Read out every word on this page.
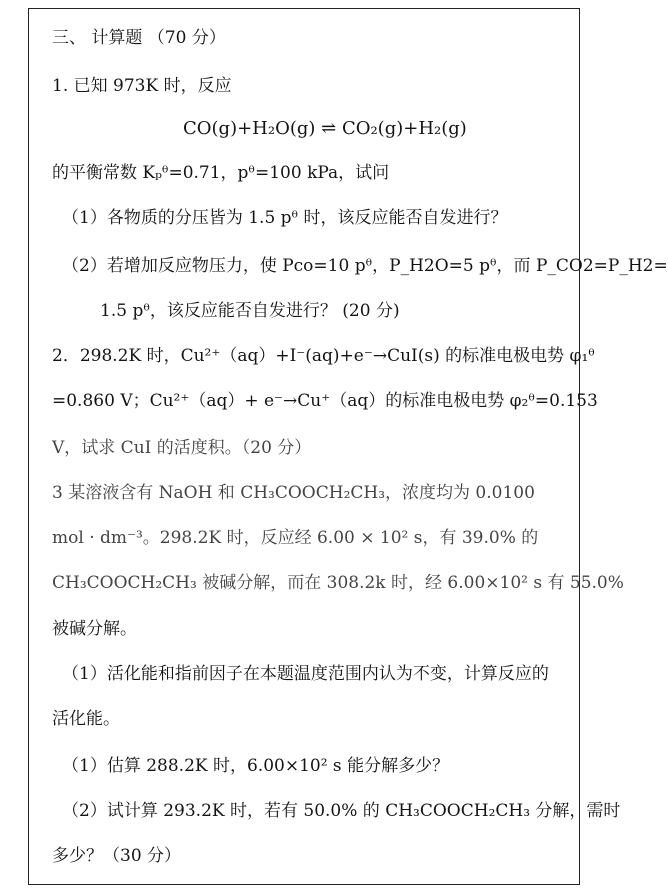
三、 计算题 （70 分）
1. 已知 973K 时，反应
CO(g)+H₂O(g) ⇌ CO₂(g)+H₂(g)
的平衡常数 Kₚᶿ=0.71，pᶿ=100 kPa，试问
（1）各物质的分压皆为 1.5 pᶿ 时，该反应能否自发进行？
（2）若增加反应物压力，使 Pco=10 pᶿ，P_H2O=5 pᶿ，而 P_CO2=P_H2=
1.5 pᶿ，该反应能否自发进行？ (20 分)
2．298.2K 时，Cu²⁺（aq）+I⁻(aq)+e⁻→CuI(s) 的标准电极电势 φ₁ᶿ
=0.860 V；Cu²⁺（aq）+ e⁻→Cu⁺（aq）的标准电极电势 φ₂ᶿ=0.153
V，试求 CuI 的活度积。（20 分）
3 某溶液含有 NaOH 和 CH₃COOCH₂CH₃，浓度均为 0.0100
mol · dm⁻³。298.2K 时，反应经 6.00 × 10² s，有 39.0% 的
CH₃COOCH₂CH₃ 被碱分解，而在 308.2k 时，经 6.00×10² s 有 55.0%
被碱分解。
（1）活化能和指前因子在本题温度范围内认为不变，计算反应的
活化能。
（1）估算 288.2K 时，6.00×10² s 能分解多少？
（2）试计算 293.2K 时，若有 50.0% 的 CH₃COOCH₂CH₃ 分解，需时
多少？（30 分）
